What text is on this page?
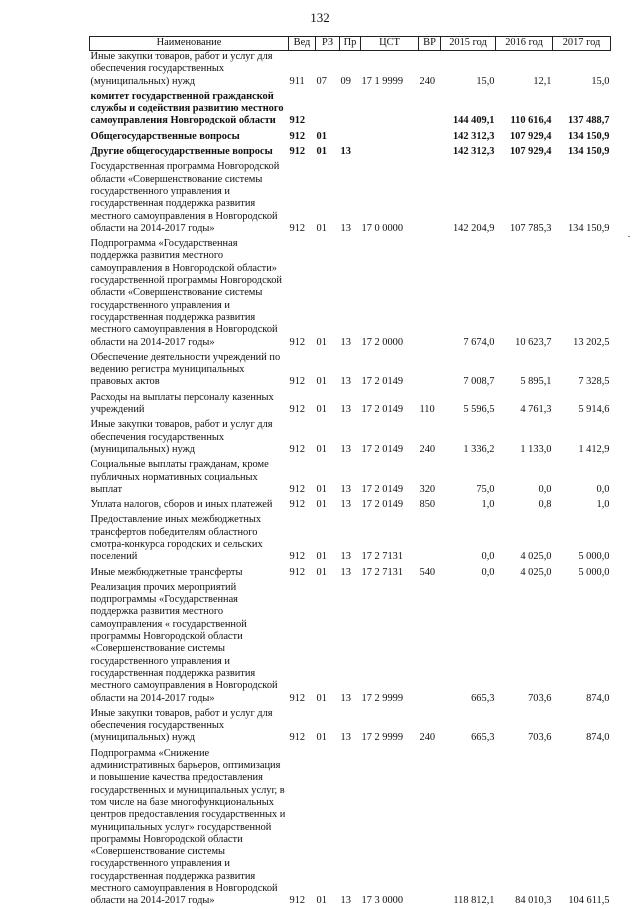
132
Наименование	Вед	РЗ	Пр	ЦСТ	ВР	2015 год	2016 год	2017 год
Иные закупки товаров, работ и услуг для обеспечения государственных (муниципальных) нужд	911	07	09	17 1 9999	240	15,0	12,1	15,0
комитет государственной гражданской службы и содействия развитию местного самоуправления Новгородской области	912					144 409,1	110 616,4	137 488,7
Общегосударственные вопросы	912	01				142 312,3	107 929,4	134 150,9
Другие общегосударственные вопросы	912	01	13			142 312,3	107 929,4	134 150,9
Государственная программа Новгородской области «Совершенствование системы государственного управления и государственная поддержка развития местного самоуправления в Новгородской области на 2014-2017 годы»	912	01	13	17 0 0000		142 204,9	107 785,3	134 150,9
Подпрограмма «Государственная поддержка развития местного самоуправления в Новгородской области» государственной программы Новгородской области «Совершенствование системы государственного управления и государственная поддержка развития местного самоуправления в Новгородской области на 2014-2017 годы»	912	01	13	17 2 0000		7 674,0	10 623,7	13 202,5
Обеспечение деятельности учреждений по ведению регистра муниципальных правовых актов	912	01	13	17 2 0149		7 008,7	5 895,1	7 328,5
Расходы на выплаты персоналу казенных учреждений	912	01	13	17 2 0149	110	5 596,5	4 761,3	5 914,6
Иные закупки товаров, работ и услуг для обеспечения государственных (муниципальных) нужд	912	01	13	17 2 0149	240	1 336,2	1 133,0	1 412,9
Социальные выплаты гражданам, кроме публичных нормативных социальных выплат	912	01	13	17 2 0149	320	75,0	0,0	0,0
Уплата налогов, сборов и иных платежей	912	01	13	17 2 0149	850	1,0	0,8	1,0
Предоставление иных межбюджетных трансфертов победителям областного смотра-конкурса городских и сельских поселений	912	01	13	17 2 7131		0,0	4 025,0	5 000,0
Иные межбюджетные трансферты	912	01	13	17 2 7131	540	0,0	4 025,0	5 000,0
Реализация прочих мероприятий подпрограммы «Государственная поддержка развития местного самоуправления « государственной программы Новгородской области «Совершенствование системы государственного управления и государственная поддержка развития местного самоуправления в Новгородской области на 2014-2017 годы»	912	01	13	17 2 9999		665,3	703,6	874,0
Иные закупки товаров, работ и услуг для обеспечения государственных (муниципальных) нужд	912	01	13	17 2 9999	240	665,3	703,6	874,0
Подпрограмма «Снижение административных барьеров, оптимизация и повышение качества предоставления государственных и муниципальных услуг, в том числе на базе многофункциональных центров предоставления государственных и муниципальных услуг» государственной программы Новгородской области «Совершенствование системы государственного управления и государственная поддержка развития местного самоуправления в Новгородской области на 2014-2017 годы»	912	01	13	17 3 0000		118 812,1	84 010,3	104 611,5
